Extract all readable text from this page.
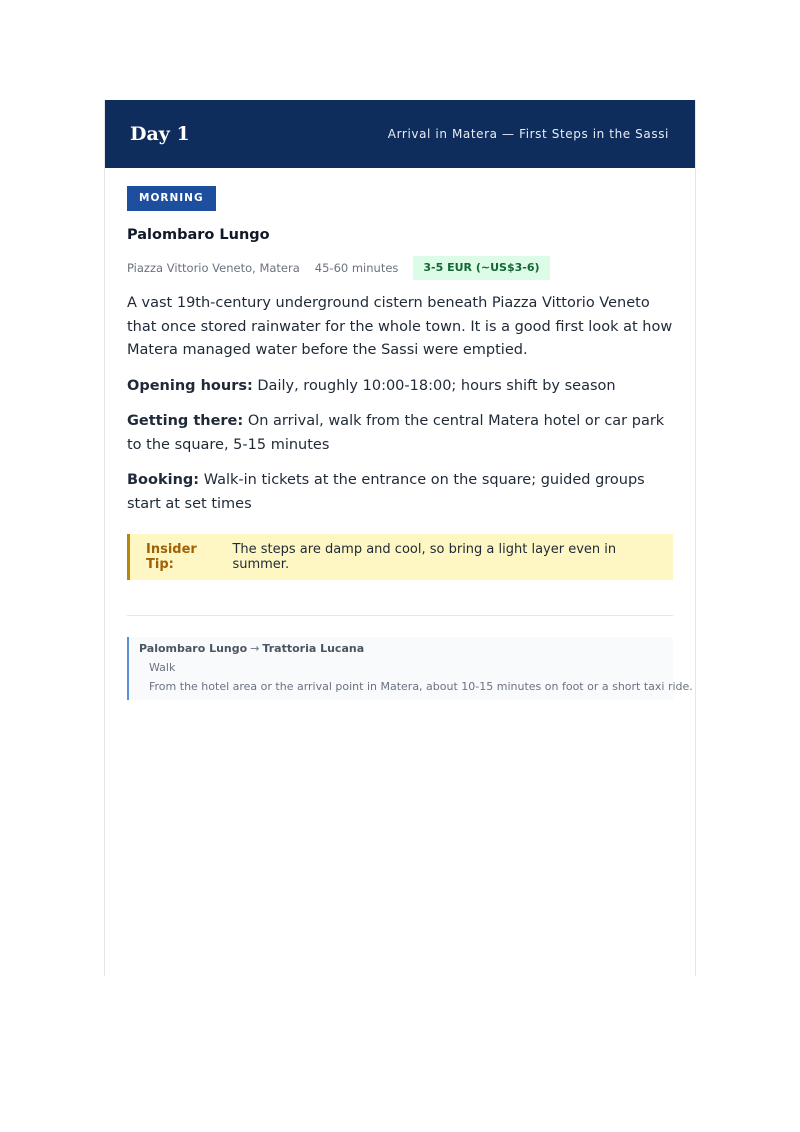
Day 1	Arrival in Matera — First Steps in the Sassi
MORNING
Palombaro Lungo
Piazza Vittorio Veneto, Matera 45-60 minutes	3-5 EUR (~US$3-6)

A vast 19th-century underground cistern beneath Piazza Vittorio Veneto that once stored rainwater for the whole town. It is a good first look at how Matera managed water before the Sassi were emptied.

Opening hours: Daily, roughly 10:00-18:00; hours shift by season

Getting there: On arrival, walk from the central Matera hotel or car park to the square, 5-15 minutes

Booking: Walk-in tickets at the entrance on the square; guided groups start at set times

Insider Tip:
The steps are damp and cool, so bring a light layer even in summer.
Palombaro Lungo → Trattoria Lucana
Walk
From the hotel area or the arrival point in Matera, about 10-15 minutes on foot or a short taxi ride.
